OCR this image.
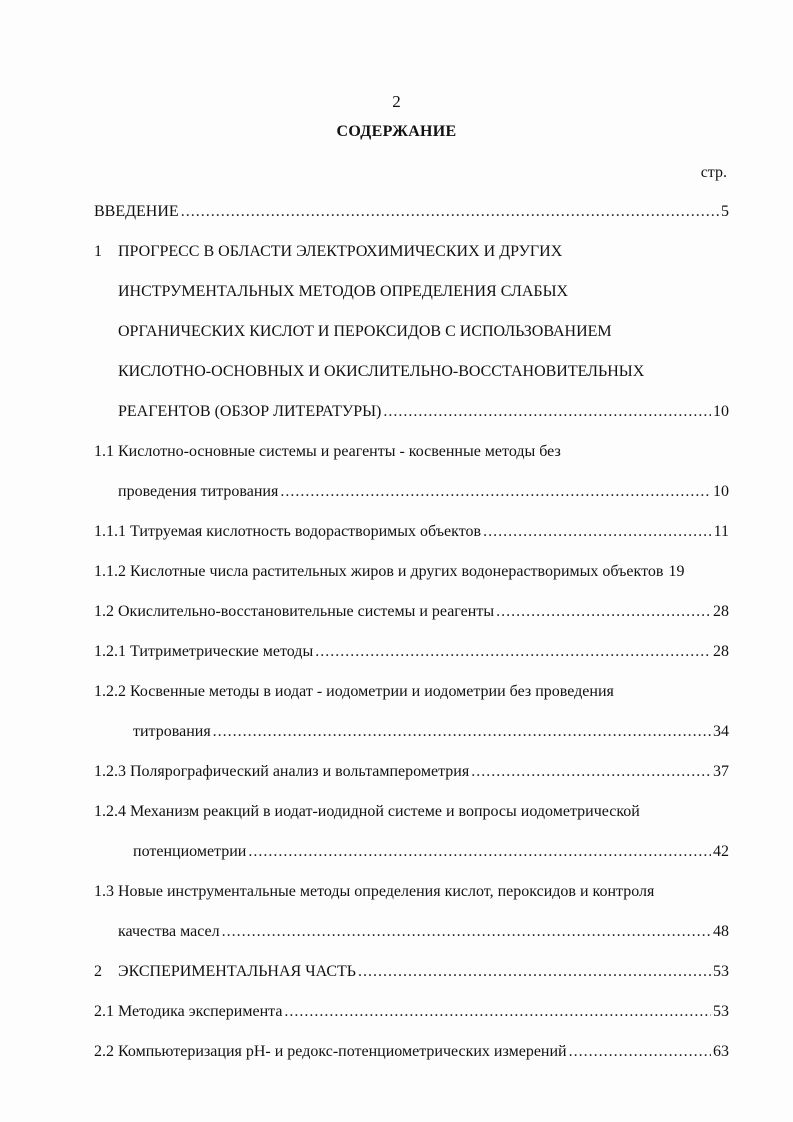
2
СОДЕРЖАНИЕ
стр.
ВВЕДЕНИЕ .....	5
1 ПРОГРЕСС В ОБЛАСТИ ЭЛЕКТРОХИМИЧЕСКИХ И ДРУГИХ
ИНСТРУМЕНТАЛЬНЫХ МЕТОДОВ ОПРЕДЕЛЕНИЯ СЛАБЫХ
ОРГАНИЧЕСКИХ КИСЛОТ И ПЕРОКСИДОВ С ИСПОЛЬЗОВАНИЕМ
КИСЛОТНО-ОСНОВНЫХ И ОКИСЛИТЕЛЬНО-ВОССТАНОВИТЕЛЬНЫХ
РЕАГЕНТОВ (ОБЗОР ЛИТЕРАТУРЫ) .....	10
1.1 Кислотно-основные системы и реагенты - косвенные методы без
проведения титрования .....	10
1.1.1 Титруемая кислотность водорастворимых объектов .....	11
1.1.2 Кислотные числа растительных жиров и других водонерастворимых объектов 19
1.2 Окислительно-восстановительные системы и реагенты .....	28
1.2.1 Титриметрические методы .....	28
1.2.2 Косвенные методы в иодат - иодометрии и иодометрии без проведения
титрования .....	34
1.2.3 Полярографический анализ и вольтамперометрия .....	37
1.2.4 Механизм реакций в иодат-иодидной системе и вопросы иодометрической
потенциометрии .....	42
1.3 Новые инструментальные методы определения кислот, пероксидов и контроля
качества масел .....	48
2 ЭКСПЕРИМЕНТАЛЬНАЯ ЧАСТЬ .....	53
2.1 Методика эксперимента .....	53
2.2 Компьютеризация pH- и редокс-потенциометрических измерений .....	63
